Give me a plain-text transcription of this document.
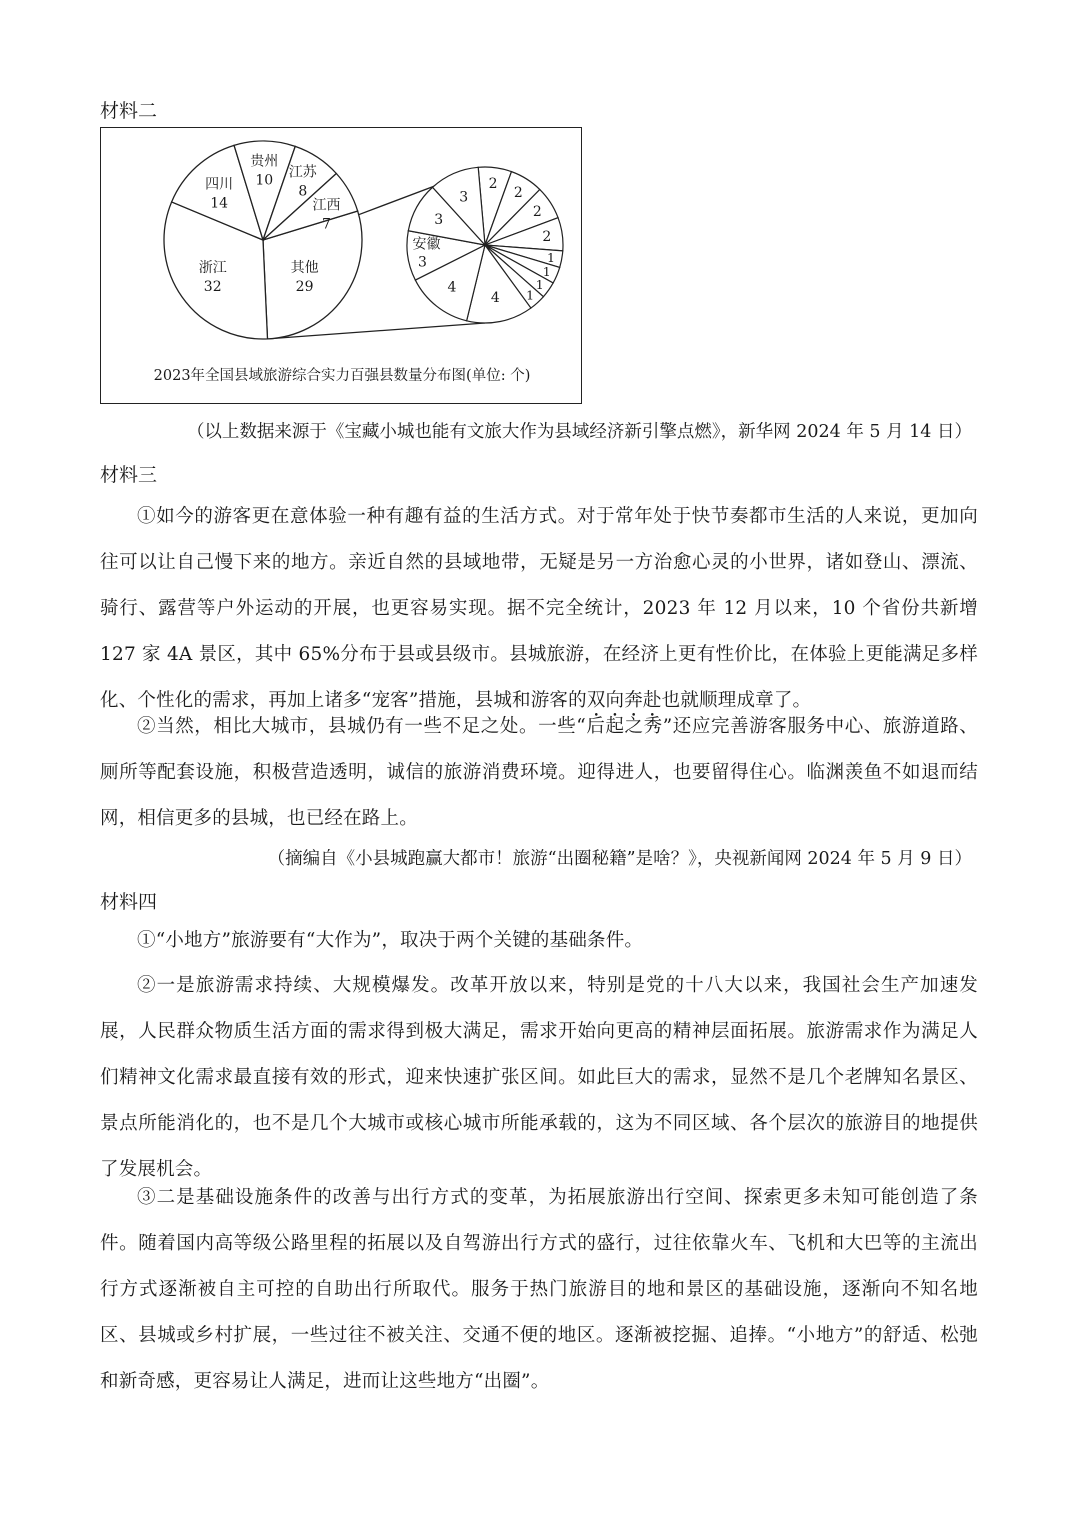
材料二
其他
29
浙江
32
四川
14
贵州
10
江苏
8
江西
7
2
2
2
2
1
1
1
1
4
4
安徽
3
3
3
2023年全国县域旅游综合实力百强县数量分布图(单位: 个)
（以上数据来源于《宝藏小城也能有文旅大作为县域经济新引擎点燃》，新华网 2024 年 5 月 14 日）
材料三

①如今的游客更在意体验一种有趣有益的生活方式。对于常年处于快节奏都市生活的人来说，更加向往可以让自己慢下来的地方。亲近自然的县域地带，无疑是另一方治愈心灵的小世界，诸如登山、漂流、骑行、露营等户外运动的开展，也更容易实现。据不完全统计，2023 年 12 月以来，10 个省份共新增 127 家 4A 景区，其中 65%分布于县或县级市。县城旅游，在经济上更有性价比，在体验上更能满足多样化、个性化的需求，再加上诸多“宠客”措施，县城和游客的双向奔赴也就顺理成章了。

②当然，相比大城市，县城仍有一些不足之处。一些“后起之秀”还应完善游客服务中心、旅游道路、厕所等配套设施，积极营造透明，诚信的旅游消费环境。迎得进人，也要留得住心。临渊羡鱼不如退而结网，相信更多的县城，也已经在路上。

（摘编自《小县城跑赢大都市！旅游“出圈秘籍”是啥？》，央视新闻网 2024 年 5 月 9 日）
材料四

①“小地方”旅游要有“大作为”，取决于两个关键的基础条件。

②一是旅游需求持续、大规模爆发。改革开放以来，特别是党的十八大以来，我国社会生产加速发展，人民群众物质生活方面的需求得到极大满足，需求开始向更高的精神层面拓展。旅游需求作为满足人们精神文化需求最直接有效的形式，迎来快速扩张区间。如此巨大的需求，显然不是几个老牌知名景区、景点所能消化的，也不是几个大城市或核心城市所能承载的，这为不同区域、各个层次的旅游目的地提供了发展机会。

③二是基础设施条件的改善与出行方式的变革，为拓展旅游出行空间、探索更多未知可能创造了条件。随着国内高等级公路里程的拓展以及自驾游出行方式的盛行，过往依靠火车、飞机和大巴等的主流出行方式逐渐被自主可控的自助出行所取代。服务于热门旅游目的地和景区的基础设施，逐渐向不知名地区、县城或乡村扩展，一些过往不被关注、交通不便的地区。逐渐被挖掘、追捧。“小地方”的舒适、松弛和新奇感，更容易让人满足，进而让这些地方“出圈”。
